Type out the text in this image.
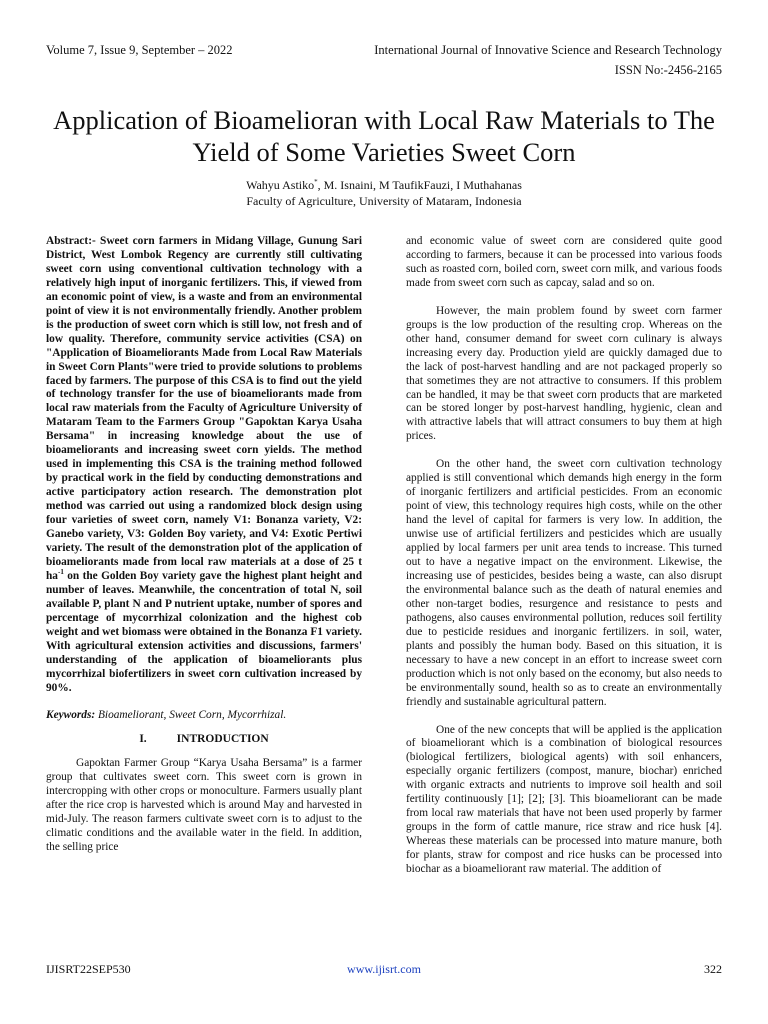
Volume 7, Issue 9, September – 2022	International Journal of Innovative Science and Research Technology
ISSN No:-2456-2165
Application of Bioamelioran with Local Raw Materials to The Yield of Some Varieties Sweet Corn
Wahyu Astiko*, M. Isnaini, M TaufikFauzi, I Muthahanas
Faculty of Agriculture, University of Mataram, Indonesia

Abstract:- Sweet corn farmers in Midang Village, Gunung Sari District, West Lombok Regency are currently still cultivating sweet corn using conventional cultivation technology with a relatively high input of inorganic fertilizers. This, if viewed from an economic point of view, is a waste and from an environmental point of view it is not environmentally friendly. Another problem is the production of sweet corn which is still low, not fresh and of low quality. Therefore, community service activities (CSA) on "Application of Bioameliorants Made from Local Raw Materials in Sweet Corn Plants"were tried to provide solutions to problems faced by farmers. The purpose of this CSA is to find out the yield of technology transfer for the use of bioameliorants made from local raw materials from the Faculty of Agriculture University of Mataram Team to the Farmers Group "Gapoktan Karya Usaha Bersama" in increasing knowledge about the use of bioameliorants and increasing sweet corn yields. The method used in implementing this CSA is the training method followed by practical work in the field by conducting demonstrations and active participatory action research. The demonstration plot method was carried out using a randomized block design using four varieties of sweet corn, namely V1: Bonanza variety, V2: Ganebo variety, V3: Golden Boy variety, and V4: Exotic Pertiwi variety. The result of the demonstration plot of the application of bioameliorants made from local raw materials at a dose of 25 t $ha^{-1}$ on the Golden Boy variety gave the highest plant height and number of leaves. Meanwhile, the concentration of total N, soil available P, plant N and P nutrient uptake, number of spores and percentage of mycorrhizal colonization and the highest cob weight and wet biomass were obtained in the Bonanza F1 variety. With agricultural extension activities and discussions, farmers' understanding of the application of bioameliorants plus mycorrhizal biofertilizers in sweet corn cultivation increased by 90%.

Keywords: Bioameliorant, Sweet Corn, Mycorrhizal.

I.	INTRODUCTION

Gapoktan Farmer Group “Karya Usaha Bersama” is a farmer group that cultivates sweet corn. This sweet corn is grown in intercropping with other crops or monoculture. Farmers usually plant after the rice crop is harvested which is around May and harvested in mid-July. The reason farmers cultivate sweet corn is to adjust to the climatic conditions and the available water in the field. In addition, the selling price

and economic value of sweet corn are considered quite good according to farmers, because it can be processed into various foods such as roasted corn, boiled corn, sweet corn milk, and various foods made from sweet corn such as capcay, salad and so on.

However, the main problem found by sweet corn farmer groups is the low production of the resulting crop. Whereas on the other hand, consumer demand for sweet corn culinary is always increasing every day. Production yield are quickly damaged due to the lack of post-harvest handling and are not packaged properly so that sometimes they are not attractive to consumers. If this problem can be handled, it may be that sweet corn products that are marketed can be stored longer by post-harvest handling, hygienic, clean and with attractive labels that will attract consumers to buy them at high prices.

On the other hand, the sweet corn cultivation technology applied is still conventional which demands high energy in the form of inorganic fertilizers and artificial pesticides. From an economic point of view, this technology requires high costs, while on the other hand the level of capital for farmers is very low. In addition, the unwise use of artificial fertilizers and pesticides which are usually applied by local farmers per unit area tends to increase. This turned out to have a negative impact on the environment. Likewise, the increasing use of pesticides, besides being a waste, can also disrupt the environmental balance such as the death of natural enemies and other non-target bodies, resurgence and resistance to pests and pathogens, also causes environmental pollution, reduces soil fertility due to pesticide residues and inorganic fertilizers. in soil, water, plants and possibly the human body. Based on this situation, it is necessary to have a new concept in an effort to increase sweet corn production which is not only based on the economy, but also needs to be environmentally sound, health so as to create an environmentally friendly and sustainable agricultural pattern.

One of the new concepts that will be applied is the application of bioameliorant which is a combination of biological resources (biological fertilizers, biological agents) with soil enhancers, especially organic fertilizers (compost, manure, biochar) enriched with organic extracts and nutrients to improve soil health and soil fertility continuously [1]; [2]; [3]. This bioameliorant can be made from local raw materials that have not been used properly by farmer groups in the form of cattle manure, rice straw and rice husk [4]. Whereas these materials can be processed into mature manure, both for plants, straw for compost and rice husks can be processed into biochar as a bioameliorant raw material. The addition of

IJISRT22SEP530	www.ijisrt.com	322
